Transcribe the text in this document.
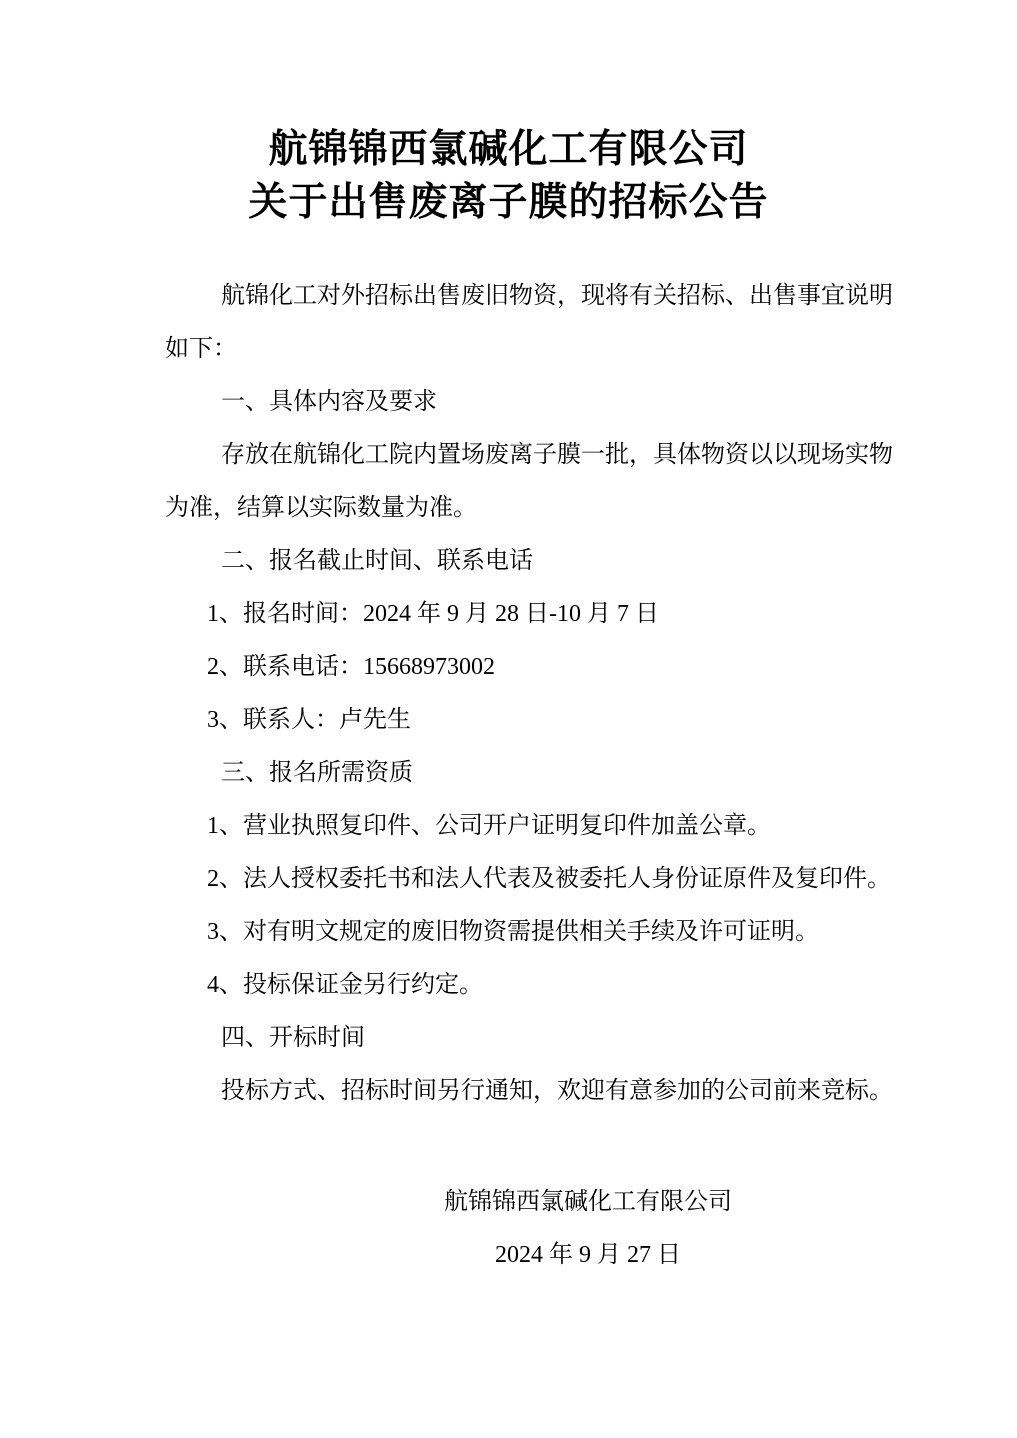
航锦锦西氯碱化工有限公司

关于出售废离子膜的招标公告

航锦化工对外招标出售废旧物资，现将有关招标、出售事宜说明

如下：

一、具体内容及要求

存放在航锦化工院内置场废离子膜一批，具体物资以以现场实物

为准，结算以实际数量为准。

二、报名截止时间、联系电话

1、报名时间：2024 年 9 月 28 日-10 月 7 日

2、联系电话：15668973002

3、联系人：卢先生

三、报名所需资质

1、营业执照复印件、公司开户证明复印件加盖公章。

2、法人授权委托书和法人代表及被委托人身份证原件及复印件。

3、对有明文规定的废旧物资需提供相关手续及许可证明。

4、投标保证金另行约定。

四、开标时间

投标方式、招标时间另行通知，欢迎有意参加的公司前来竞标。

航锦锦西氯碱化工有限公司

2024 年 9 月 27 日
